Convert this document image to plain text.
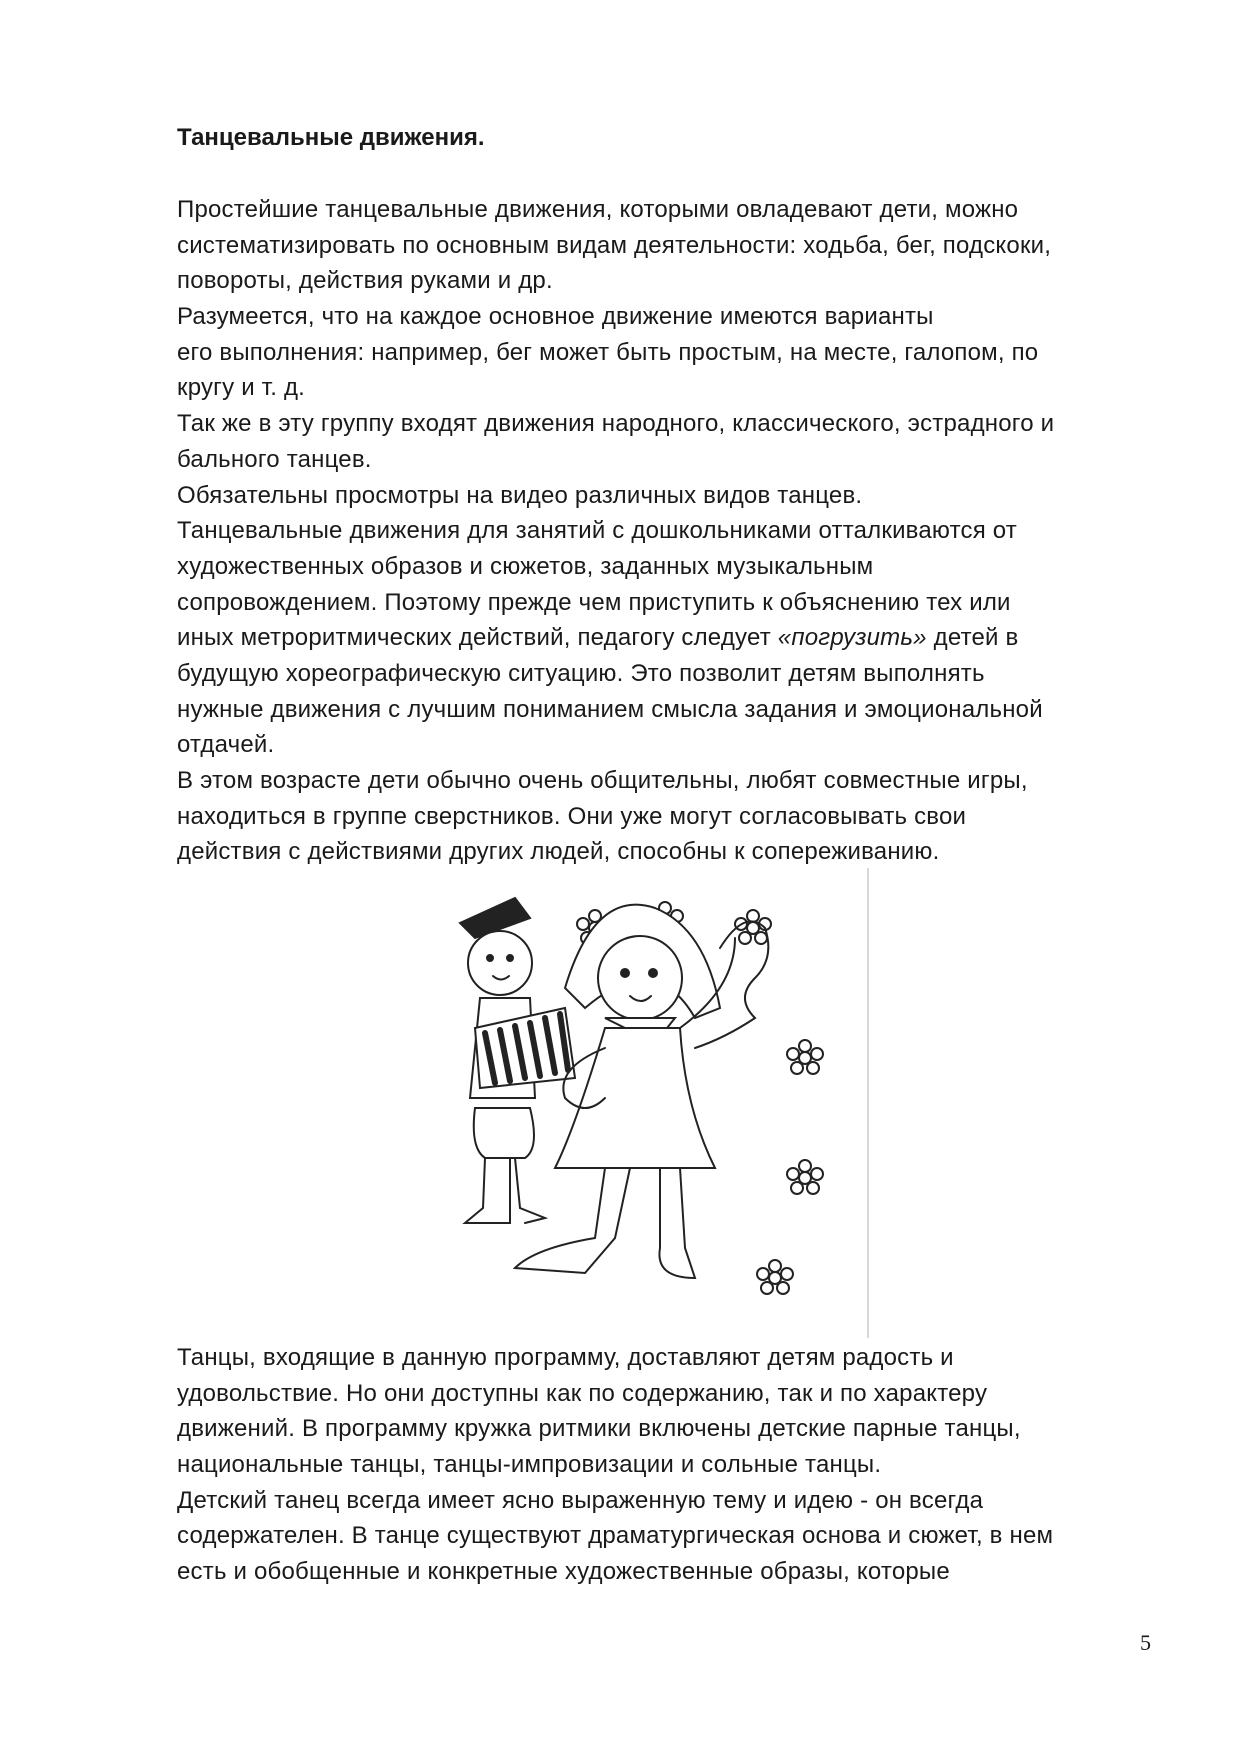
Танцевальные движения.
Простейшие танцевальные движения, которыми овладевают дети, можно
систематизировать по основным видам деятельности: ходьба, бег, подскоки,
повороты, действия руками и др.
Разумеется, что на каждое основное движение имеются варианты
его выполнения: например, бег может быть простым, на месте, галопом, по
кругу и т. д.
Так же в эту группу входят движения народного, классического, эстрадного и
бального танцев.
Обязательны просмотры на видео различных видов танцев.
Танцевальные движения для занятий с дошкольниками отталкиваются от
художественных образов и сюжетов, заданных музыкальным
сопровождением. Поэтому прежде чем приступить к объяснению тех или
иных метроритмических действий, педагогу следует «погрузить» детей в
будущую хореографическую ситуацию. Это позволит детям выполнять
нужные движения с лучшим пониманием смысла задания и эмоциональной
отдачей.
В этом возрасте дети обычно очень общительны, любят совместные игры,
находиться в группе сверстников. Они уже могут согласовывать свои
действия с действиями других людей, способны к сопереживанию.
Танцы, входящие в данную программу, доставляют детям радость и
удовольствие. Но они доступны как по содержанию, так и по характеру
движений. В программу кружка ритмики включены детские парные танцы,
национальные танцы, танцы-импровизации и сольные танцы.
Детский танец всегда имеет ясно выраженную тему и идею - он всегда
содержателен. В танце существуют драматургическая основа и сюжет, в нем
есть и обобщенные и конкретные художественные образы, которые
5
